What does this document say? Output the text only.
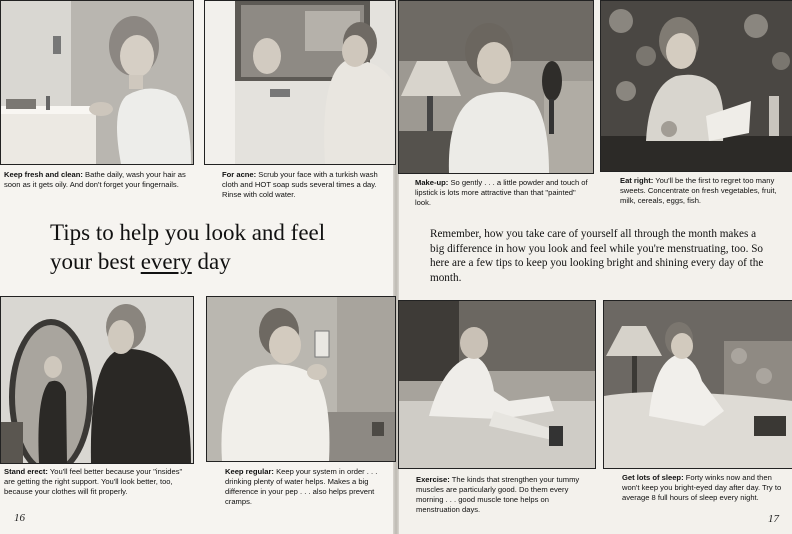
Keep fresh and clean: Bathe daily, wash your hair as soon as it gets oily. And don't forget your fingernails.
For acne: Scrub your face with a turkish wash cloth and HOT soap suds several times a day. Rinse with cold water.
Tips to help you look and feel
your best every day
Make-up: So gently . . . a little powder and touch of lipstick is lots more attractive than that "painted" look.
Eat right: You'll be the first to regret too many sweets. Concentrate on fresh vegetables, fruit, milk, cereals, eggs, fish.
Remember, how you take care of yourself all through the month makes a big difference in how you look and feel while you're menstruating, too. So here are a few tips to keep you looking bright and shining every day of the month.
Stand erect: You'll feel better because your "insides" are getting the right support. You'll look better, too, because your clothes will fit properly.
Keep regular: Keep your system in order . . . drinking plenty of water helps. Makes a big difference in your pep . . . also helps prevent cramps.
Exercise: The kinds that strengthen your tummy muscles are particularly good. Do them every morning . . . good muscle tone helps on menstruation days.
Get lots of sleep: Forty winks now and then won't keep you bright-eyed day after day. Try to average 8 full hours of sleep every night.
16	17
